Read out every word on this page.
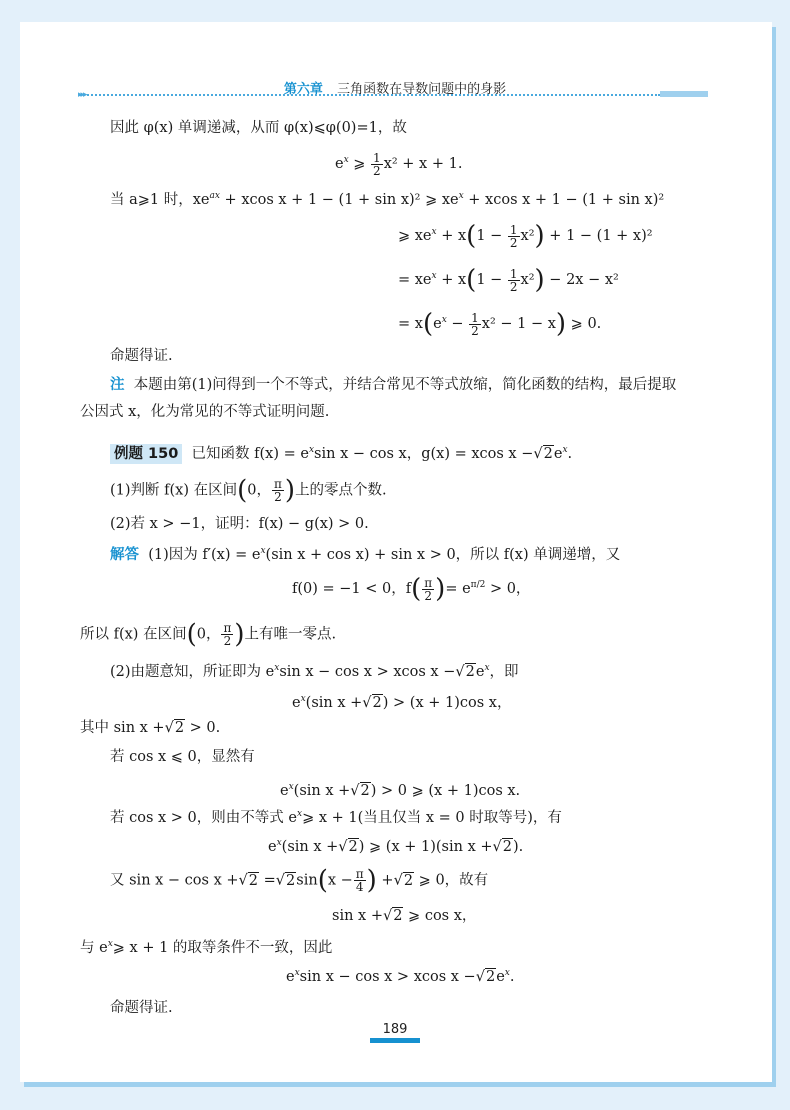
第六章 三角函数在导数问题中的身影
▸▸▸
因此 φ(x) 单调递减，从而 φ(x)⩽φ(0)=1，故
$e^x$ ⩾ $\frac{1}{2} x^2 + x + 1$.
当 a⩾1 时，$xe^{ax} + xcos$ x + 1 − (1 + sin x)² ⩾ $xe^x + xcos$ x + 1 − (1 + sin x)²
⩾ $xe^x + x(1 - \frac{1}{2} x^2) + 1 - (1 + x)^2$
= $xe^x + x(1 - \frac{1}{2} x^2) - 2x - x^2$
= $x(e^x - \frac{1}{2} x^2 - 1 - x)$ ⩾ 0.
命题得证.
注 本题由第(1)问得到一个不等式，并结合常见不等式放缩，简化函数的结构，最后提取
公因式 x，化为常见的不等式证明问题.
例题 150 已知函数 $f(x) = e^x\sin$ x − cos x，g(x) = xcos $x -√2e^x$.
(1)判断 f(x) 在区间(0， $\frac{\pi}{2}$ )上的零点个数.
(2)若 x > −1，证明：f(x) − g(x) > 0.
解答 (1)因为 $f'(x) = e^x(\sin$ x + cos x) + sin x > 0，所以 f(x) 单调递增，又
f(0) = −1 < 0，$f( \frac{\pi}{2}$ )= $e^{\pi/2} > 0$，
所以 f(x) 在区间(0， $\frac{\pi}{2}$ )上有唯一零点.
(2)由题意知，所证即为 $e^x\sin$ x − cos x > xcos $x -√2e^x$，即
$e^x(\sin$ x +√2) > (x + 1)cos x，
其中 sin x +√2 > 0.
若 cos x ⩽ 0，显然有
$e^x(\sin$ x +√2) > 0 ⩾ (x + 1)cos x.
若 cos x > 0，则由不等式 $e^x⩾$ x + 1(当且仅当 x = 0 时取等号)，有
$e^x(\sin$ x +√2) ⩾ (x + 1)(sin x +√2).
又 $\sin x - \cos x +√2 =√2\sin(x - \frac{\pi}{4}$ ) +√2 ⩾ 0，故有
sin x +√2 ⩾ cos x，
与 $e^x⩾$ x + 1 的取等条件不一致，因此
$e^x\sin$ x − cos x > xcos $x -√2e^x$.
命题得证.
189
